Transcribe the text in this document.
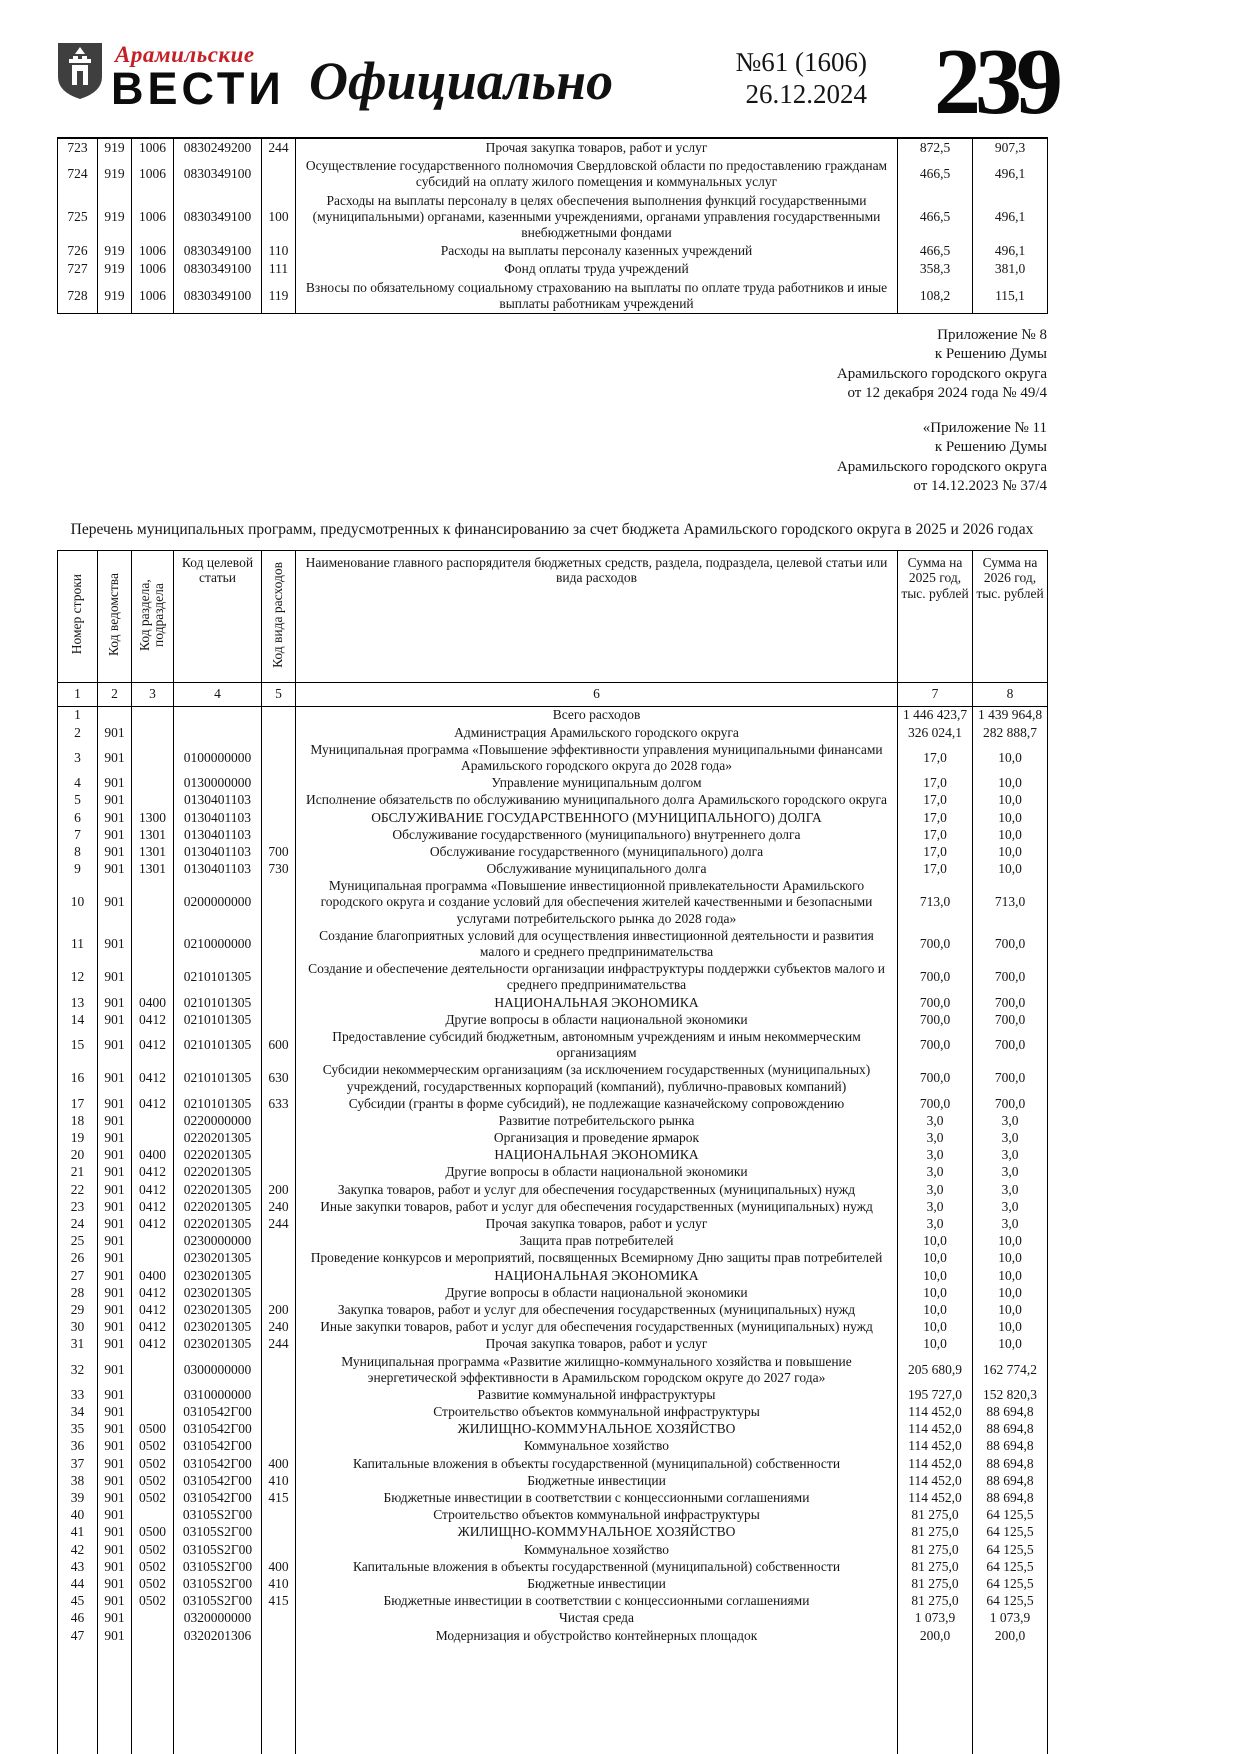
Арамильские
ВЕСТИ Официально	№61 (1606)
26.12.2024 239
723	919	1006	0830249200	244	Прочая закупка товаров, работ и услуг	872,5	907,3
724	919	1006	0830349100		Осуществление государственного полномочия Свердловской области по предоставлению гражданам субсидий на оплату жилого помещения и коммунальных услуг	466,5	496,1
725	919	1006	0830349100	100	Расходы на выплаты персоналу в целях обеспечения выполнения функций государственными (муниципальными) органами, казенными учреждениями, органами управления государственными внебюджетными фондами	466,5	496,1
726	919	1006	0830349100	110	Расходы на выплаты персоналу казенных учреждений	466,5	496,1
727	919	1006	0830349100	111	Фонд оплаты труда учреждений	358,3	381,0
728	919	1006	0830349100	119	Взносы по обязательному социальному страхованию на выплаты по оплате труда работников и иные выплаты работникам учреждений	108,2	115,1
Приложение № 8
к Решению Думы
Арамильского городского округа
от 12 декабря 2024 года № 49/4
«Приложение № 11
к Решению Думы
Арамильского городского округа
от 14.12.2023 № 37/4
Перечень муниципальных программ, предусмотренных к финансированию за счет бюджета Арамильского городского округа в 2025 и 2026 годах
Номер строки	Код ведомства	Код раздела, подраздела	Код целевой статьи	Код вида расходов	Наименование главного распорядителя бюджетных средств, раздела, подраздела, целевой статьи или вида расходов	Сумма на 2025 год, тыс. рублей	Сумма на 2026 год, тыс. рублей
1	2	3	4	5	6	7	8
1					Всего расходов	1 446 423,7	1 439 964,8
2	901				Администрация Арамильского городского округа	326 024,1	282 888,7
3	901		0100000000		Муниципальная программа «Повышение эффективности управления муниципальными финансами Арамильского городского округа до 2028 года»	17,0	10,0
4	901		0130000000		Управление муниципальным долгом	17,0	10,0
5	901		0130401103		Исполнение обязательств по обслуживанию муниципального долга Арамильского городского округа	17,0	10,0
6	901	1300	0130401103		ОБСЛУЖИВАНИЕ ГОСУДАРСТВЕННОГО (МУНИЦИПАЛЬНОГО) ДОЛГА	17,0	10,0
7	901	1301	0130401103		Обслуживание государственного (муниципального) внутреннего долга	17,0	10,0
8	901	1301	0130401103	700	Обслуживание государственного (муниципального) долга	17,0	10,0
9	901	1301	0130401103	730	Обслуживание муниципального долга	17,0	10,0
10	901		0200000000		Муниципальная программа «Повышение инвестиционной привлекательности Арамильского городского округа и создание условий для обеспечения жителей качественными и безопасными услугами потребительского рынка до 2028 года»	713,0	713,0
11	901		0210000000		Создание благоприятных условий для осуществления инвестиционной деятельности и развития малого и среднего предпринимательства	700,0	700,0
12	901		0210101305		Создание и обеспечение деятельности организации инфраструктуры поддержки субъектов малого и среднего предпринимательства	700,0	700,0
13	901	0400	0210101305		НАЦИОНАЛЬНАЯ ЭКОНОМИКА	700,0	700,0
14	901	0412	0210101305		Другие вопросы в области национальной экономики	700,0	700,0
15	901	0412	0210101305	600	Предоставление субсидий бюджетным, автономным учреждениям и иным некоммерческим организациям	700,0	700,0
16	901	0412	0210101305	630	Субсидии некоммерческим организациям (за исключением государственных (муниципальных) учреждений, государственных корпораций (компаний), публично-правовых компаний)	700,0	700,0
17	901	0412	0210101305	633	Субсидии (гранты в форме субсидий), не подлежащие казначейскому сопровождению	700,0	700,0
18	901		0220000000		Развитие потребительского рынка	3,0	3,0
19	901		0220201305		Организация и проведение ярмарок	3,0	3,0
20	901	0400	0220201305		НАЦИОНАЛЬНАЯ ЭКОНОМИКА	3,0	3,0
21	901	0412	0220201305		Другие вопросы в области национальной экономики	3,0	3,0
22	901	0412	0220201305	200	Закупка товаров, работ и услуг для обеспечения государственных (муниципальных) нужд	3,0	3,0
23	901	0412	0220201305	240	Иные закупки товаров, работ и услуг для обеспечения государственных (муниципальных) нужд	3,0	3,0
24	901	0412	0220201305	244	Прочая закупка товаров, работ и услуг	3,0	3,0
25	901		0230000000		Защита прав потребителей	10,0	10,0
26	901		0230201305		Проведение конкурсов и мероприятий, посвященных Всемирному Дню защиты прав потребителей	10,0	10,0
27	901	0400	0230201305		НАЦИОНАЛЬНАЯ ЭКОНОМИКА	10,0	10,0
28	901	0412	0230201305		Другие вопросы в области национальной экономики	10,0	10,0
29	901	0412	0230201305	200	Закупка товаров, работ и услуг для обеспечения государственных (муниципальных) нужд	10,0	10,0
30	901	0412	0230201305	240	Иные закупки товаров, работ и услуг для обеспечения государственных (муниципальных) нужд	10,0	10,0
31	901	0412	0230201305	244	Прочая закупка товаров, работ и услуг	10,0	10,0
32	901		0300000000		Муниципальная программа «Развитие жилищно-коммунального хозяйства и повышение энергетической эффективности в Арамильском городском округе до 2027 года»	205 680,9	162 774,2
33	901		0310000000		Развитие коммунальной инфраструктуры	195 727,0	152 820,3
34	901		0310542Г00		Строительство объектов коммунальной инфраструктуры	114 452,0	88 694,8
35	901	0500	0310542Г00		ЖИЛИЩНО-КОММУНАЛЬНОЕ ХОЗЯЙСТВО	114 452,0	88 694,8
36	901	0502	0310542Г00		Коммунальное хозяйство	114 452,0	88 694,8
37	901	0502	0310542Г00	400	Капитальные вложения в объекты государственной (муниципальной) собственности	114 452,0	88 694,8
38	901	0502	0310542Г00	410	Бюджетные инвестиции	114 452,0	88 694,8
39	901	0502	0310542Г00	415	Бюджетные инвестиции в соответствии с концессионными соглашениями	114 452,0	88 694,8
40	901		03105S2Г00		Строительство объектов коммунальной инфраструктуры	81 275,0	64 125,5
41	901	0500	03105S2Г00		ЖИЛИЩНО-КОММУНАЛЬНОЕ ХОЗЯЙСТВО	81 275,0	64 125,5
42	901	0502	03105S2Г00		Коммунальное хозяйство	81 275,0	64 125,5
43	901	0502	03105S2Г00	400	Капитальные вложения в объекты государственной (муниципальной) собственности	81 275,0	64 125,5
44	901	0502	03105S2Г00	410	Бюджетные инвестиции	81 275,0	64 125,5
45	901	0502	03105S2Г00	415	Бюджетные инвестиции в соответствии с концессионными соглашениями	81 275,0	64 125,5
46	901		0320000000		Чистая среда	1 073,9	1 073,9
47	901		0320201306		Модернизация и обустройство контейнерных площадок	200,0	200,0
